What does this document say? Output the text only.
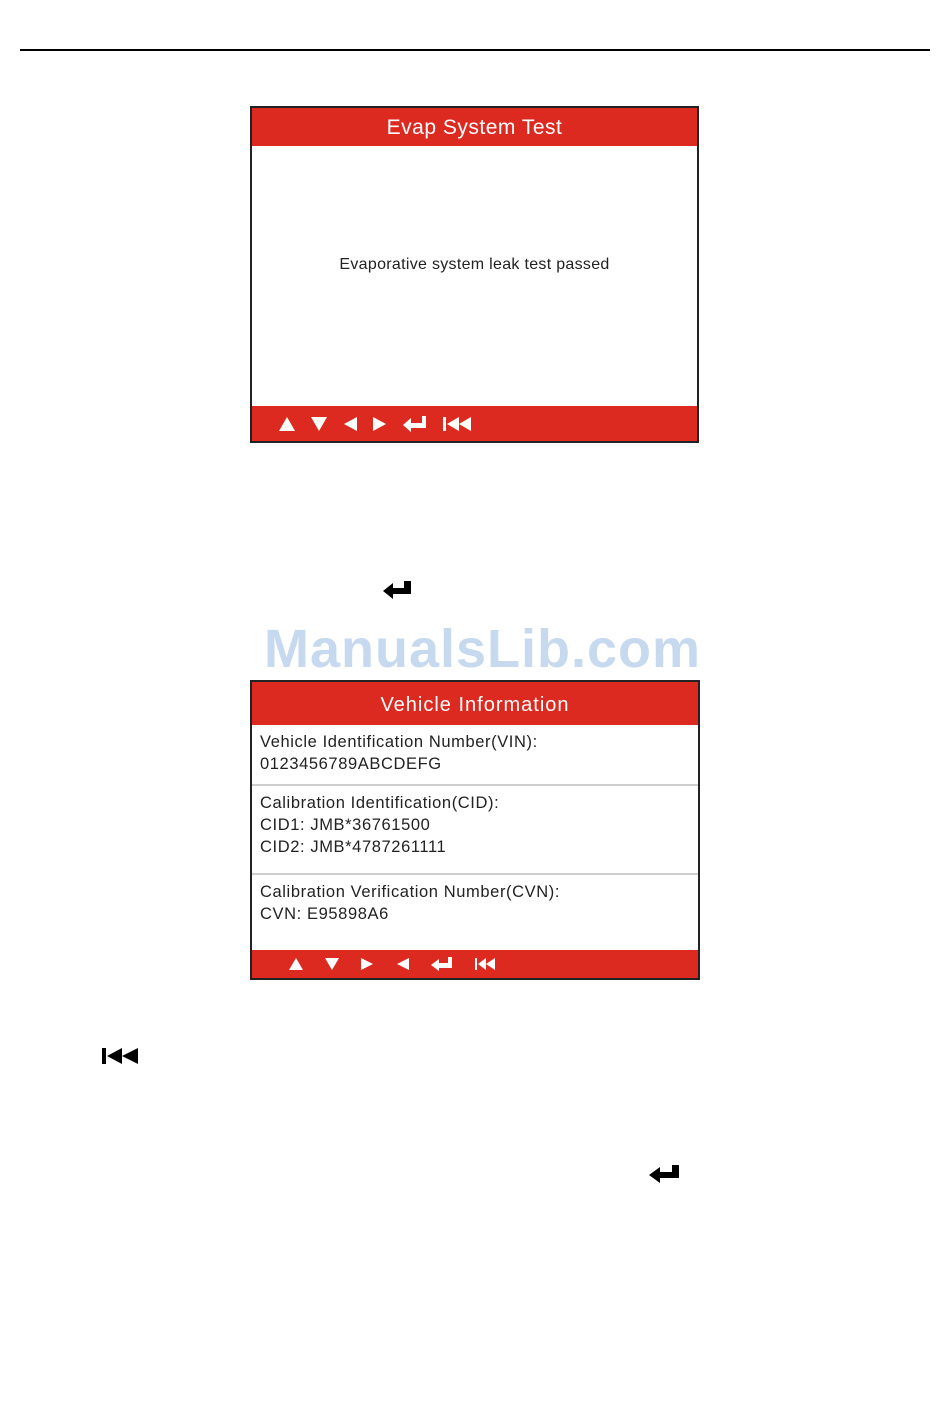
Evap System Test
Evaporative system leak test passed
ManualsLib.com
Vehicle Information
Vehicle Identification Number(VIN):
0123456789ABCDEFG
Calibration Identification(CID):
CID1: JMB*36761500
CID2: JMB*4787261111
Calibration Verification Number(CVN):
CVN: E95898A6
